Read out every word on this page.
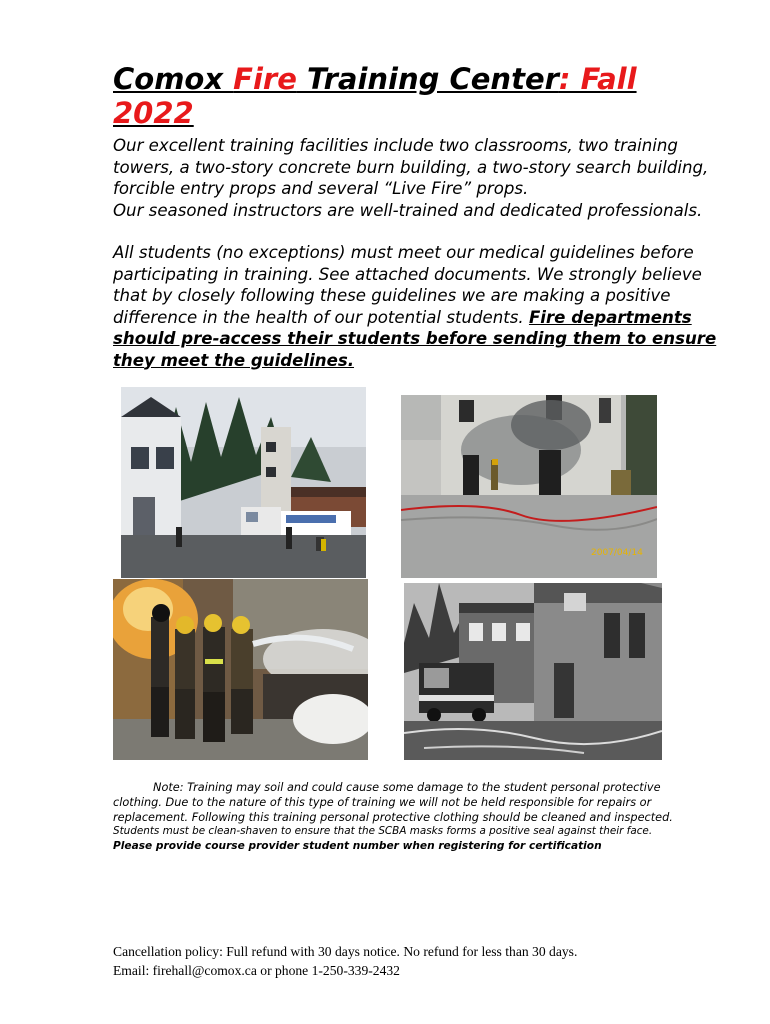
Comox Fire Training Center: Fall
2022

Our excellent training facilities include two classrooms, two training towers, a two-story concrete burn building, a two-story search building, forcible entry props and several “Live Fire” props.

Our seasoned instructors are well-trained and dedicated professionals.

All students (no exceptions) must meet our medical guidelines before participating in training. See attached documents. We strongly believe that by closely following these guidelines we are making a positive difference in the health of our potential students. Fire departments should pre-access their students before sending them to ensure they meet the guidelines.

2007/04/14

Note: Training may soil and could cause some damage to the student personal protective clothing. Due to the nature of this type of training we will not be held responsible for repairs or replacement. Following this training personal protective clothing should be cleaned and inspected.

Students must be clean-shaven to ensure that the SCBA masks forms a positive seal against their face.

Please provide course provider student number when registering for certification

Cancellation policy: Full refund with 30 days notice. No refund for less than 30 days.

Email: firehall@comox.ca or phone 1-250-339-2432
